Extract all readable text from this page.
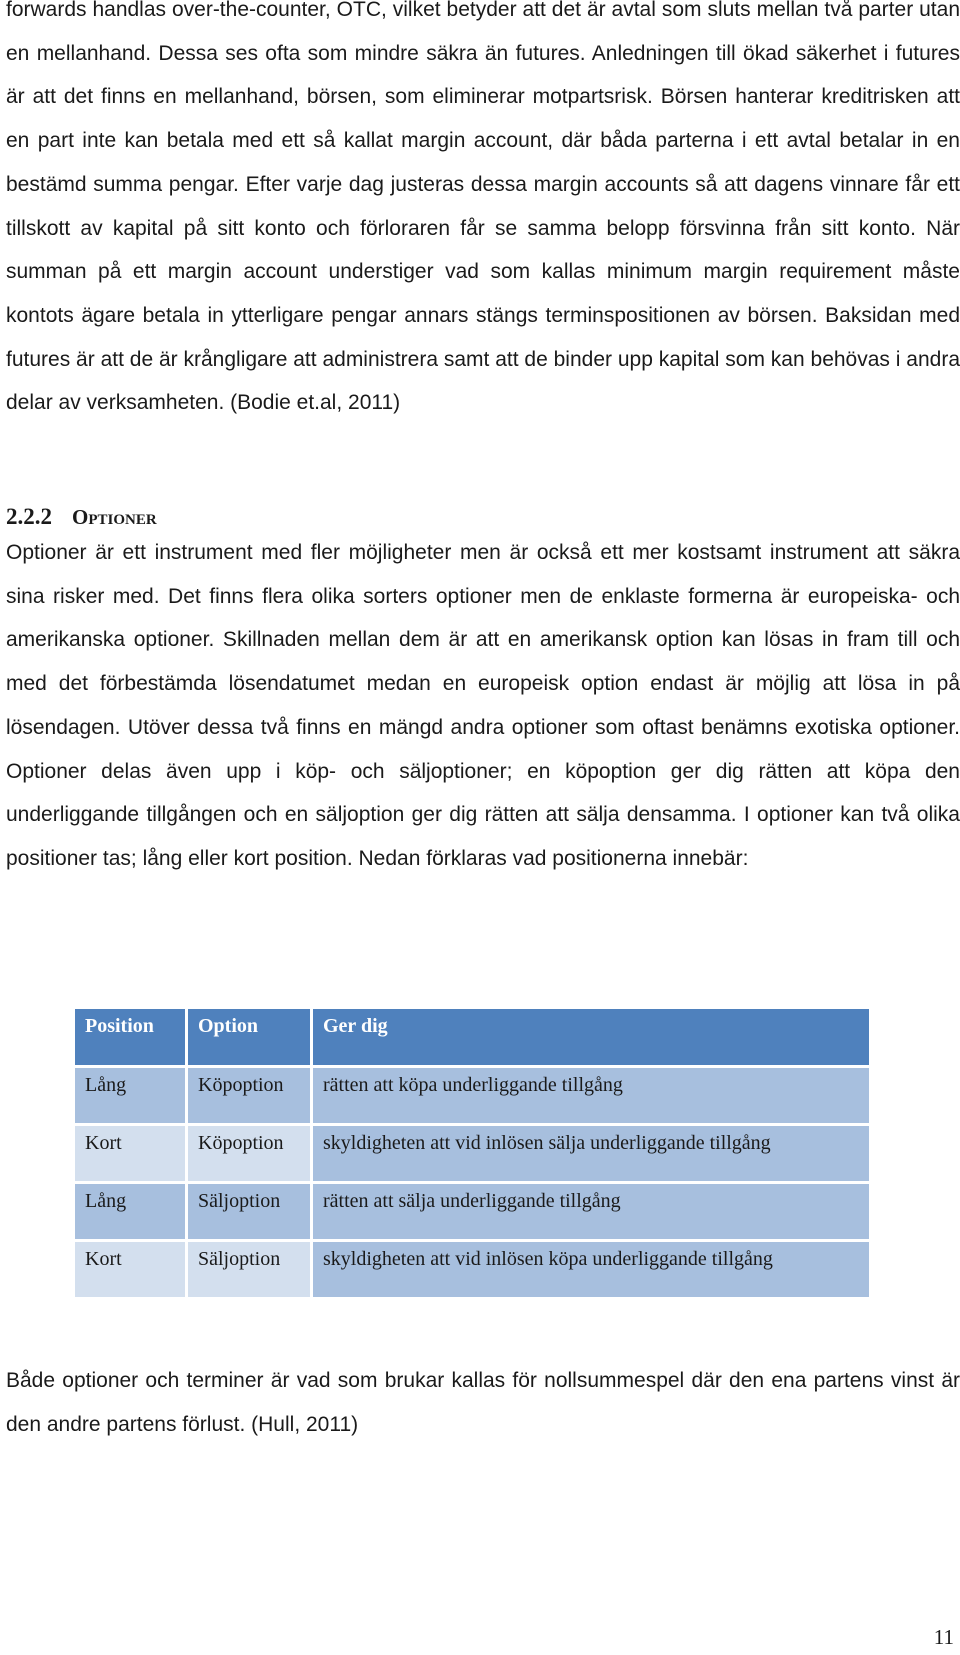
forwards handlas over-the-counter, OTC, vilket betyder att det är avtal som sluts mellan två parter utan en mellanhand. Dessa ses ofta som mindre säkra än futures. Anledningen till ökad säkerhet i futures är att det finns en mellanhand, börsen, som eliminerar motpartsrisk. Börsen hanterar kreditrisken att en part inte kan betala med ett så kallat margin account, där båda parterna i ett avtal betalar in en bestämd summa pengar. Efter varje dag justeras dessa margin accounts så att dagens vinnare får ett tillskott av kapital på sitt konto och förloraren får se samma belopp försvinna från sitt konto. När summan på ett margin account understiger vad som kallas minimum margin requirement måste kontots ägare betala in ytterligare pengar annars stängs terminspositionen av börsen. Baksidan med futures är att de är krångligare att administrera samt att de binder upp kapital som kan behövas i andra delar av verksamheten. (Bodie et.al, 2011)

2.2.2 Optioner

Optioner är ett instrument med fler möjligheter men är också ett mer kostsamt instrument att säkra sina risker med. Det finns flera olika sorters optioner men de enklaste formerna är europeiska- och amerikanska optioner. Skillnaden mellan dem är att en amerikansk option kan lösas in fram till och med det förbestämda lösendatumet medan en europeisk option endast är möjlig att lösa in på lösendagen. Utöver dessa två finns en mängd andra optioner som oftast benämns exotiska optioner. Optioner delas även upp i köp- och säljoptioner; en köpoption ger dig rätten att köpa den underliggande tillgången och en säljoption ger dig rätten att sälja densamma. I optioner kan två olika positioner tas; lång eller kort position. Nedan förklaras vad positionerna innebär:

Position	Option	Ger dig
Lång	Köpoption	rätten att köpa underliggande tillgång
Kort	Köpoption	skyldigheten att vid inlösen sälja underliggande tillgång
Lång	Säljoption	rätten att sälja underliggande tillgång
Kort	Säljoption	skyldigheten att vid inlösen köpa underliggande tillgång

Både optioner och terminer är vad som brukar kallas för nollsummespel där den ena partens vinst är den andre partens förlust. (Hull, 2011)

11
